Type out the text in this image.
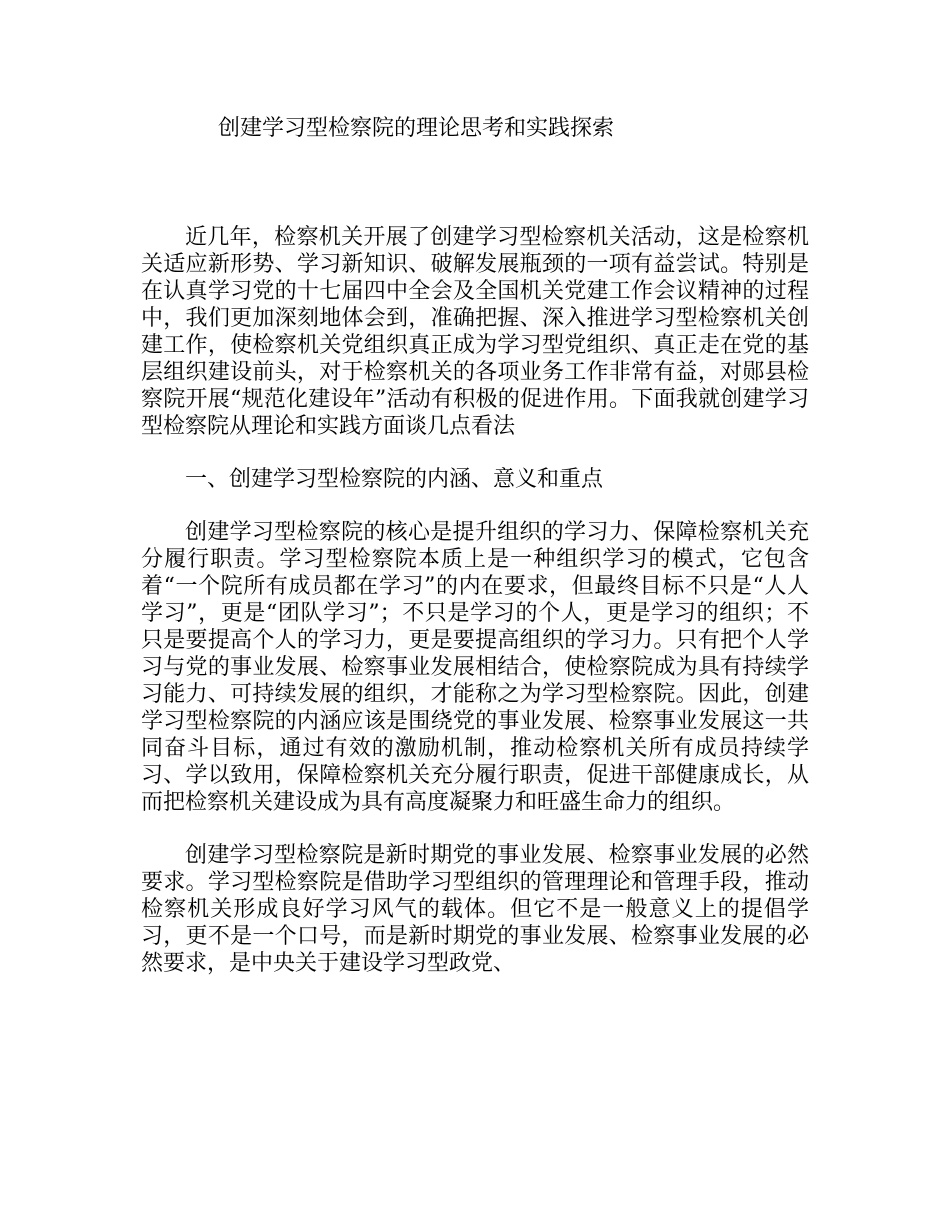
创建学习型检察院的理论思考和实践探索

近几年，检察机关开展了创建学习型检察机关活动，这是检察机关适应新形势、学习新知识、破解发展瓶颈的一项有益尝试。特别是在认真学习党的十七届四中全会及全国机关党建工作会议精神的过程中，我们更加深刻地体会到，准确把握、深入推进学习型检察机关创建工作，使检察机关党组织真正成为学习型党组织、真正走在党的基层组织建设前头，对于检察机关的各项业务工作非常有益，对郧县检察院开展“规范化建设年”活动有积极的促进作用。下面我就创建学习型检察院从理论和实践方面谈几点看法

一、创建学习型检察院的内涵、意义和重点

创建学习型检察院的核心是提升组织的学习力、保障检察机关充分履行职责。学习型检察院本质上是一种组织学习的模式，它包含着“一个院所有成员都在学习”的内在要求，但最终目标不只是“人人学习”，更是“团队学习”；不只是学习的个人，更是学习的组织；不只是要提高个人的学习力，更是要提高组织的学习力。只有把个人学习与党的事业发展、检察事业发展相结合，使检察院成为具有持续学习能力、可持续发展的组织，才能称之为学习型检察院。因此，创建学习型检察院的内涵应该是围绕党的事业发展、检察事业发展这一共同奋斗目标，通过有效的激励机制，推动检察机关所有成员持续学习、学以致用，保障检察机关充分履行职责，促进干部健康成长，从而把检察机关建设成为具有高度凝聚力和旺盛生命力的组织。

创建学习型检察院是新时期党的事业发展、检察事业发展的必然要求。学习型检察院是借助学习型组织的管理理论和管理手段，推动检察机关形成良好学习风气的载体。但它不是一般意义上的提倡学习，更不是一个口号，而是新时期党的事业发展、检察事业发展的必然要求，是中央关于建设学习型政党、
